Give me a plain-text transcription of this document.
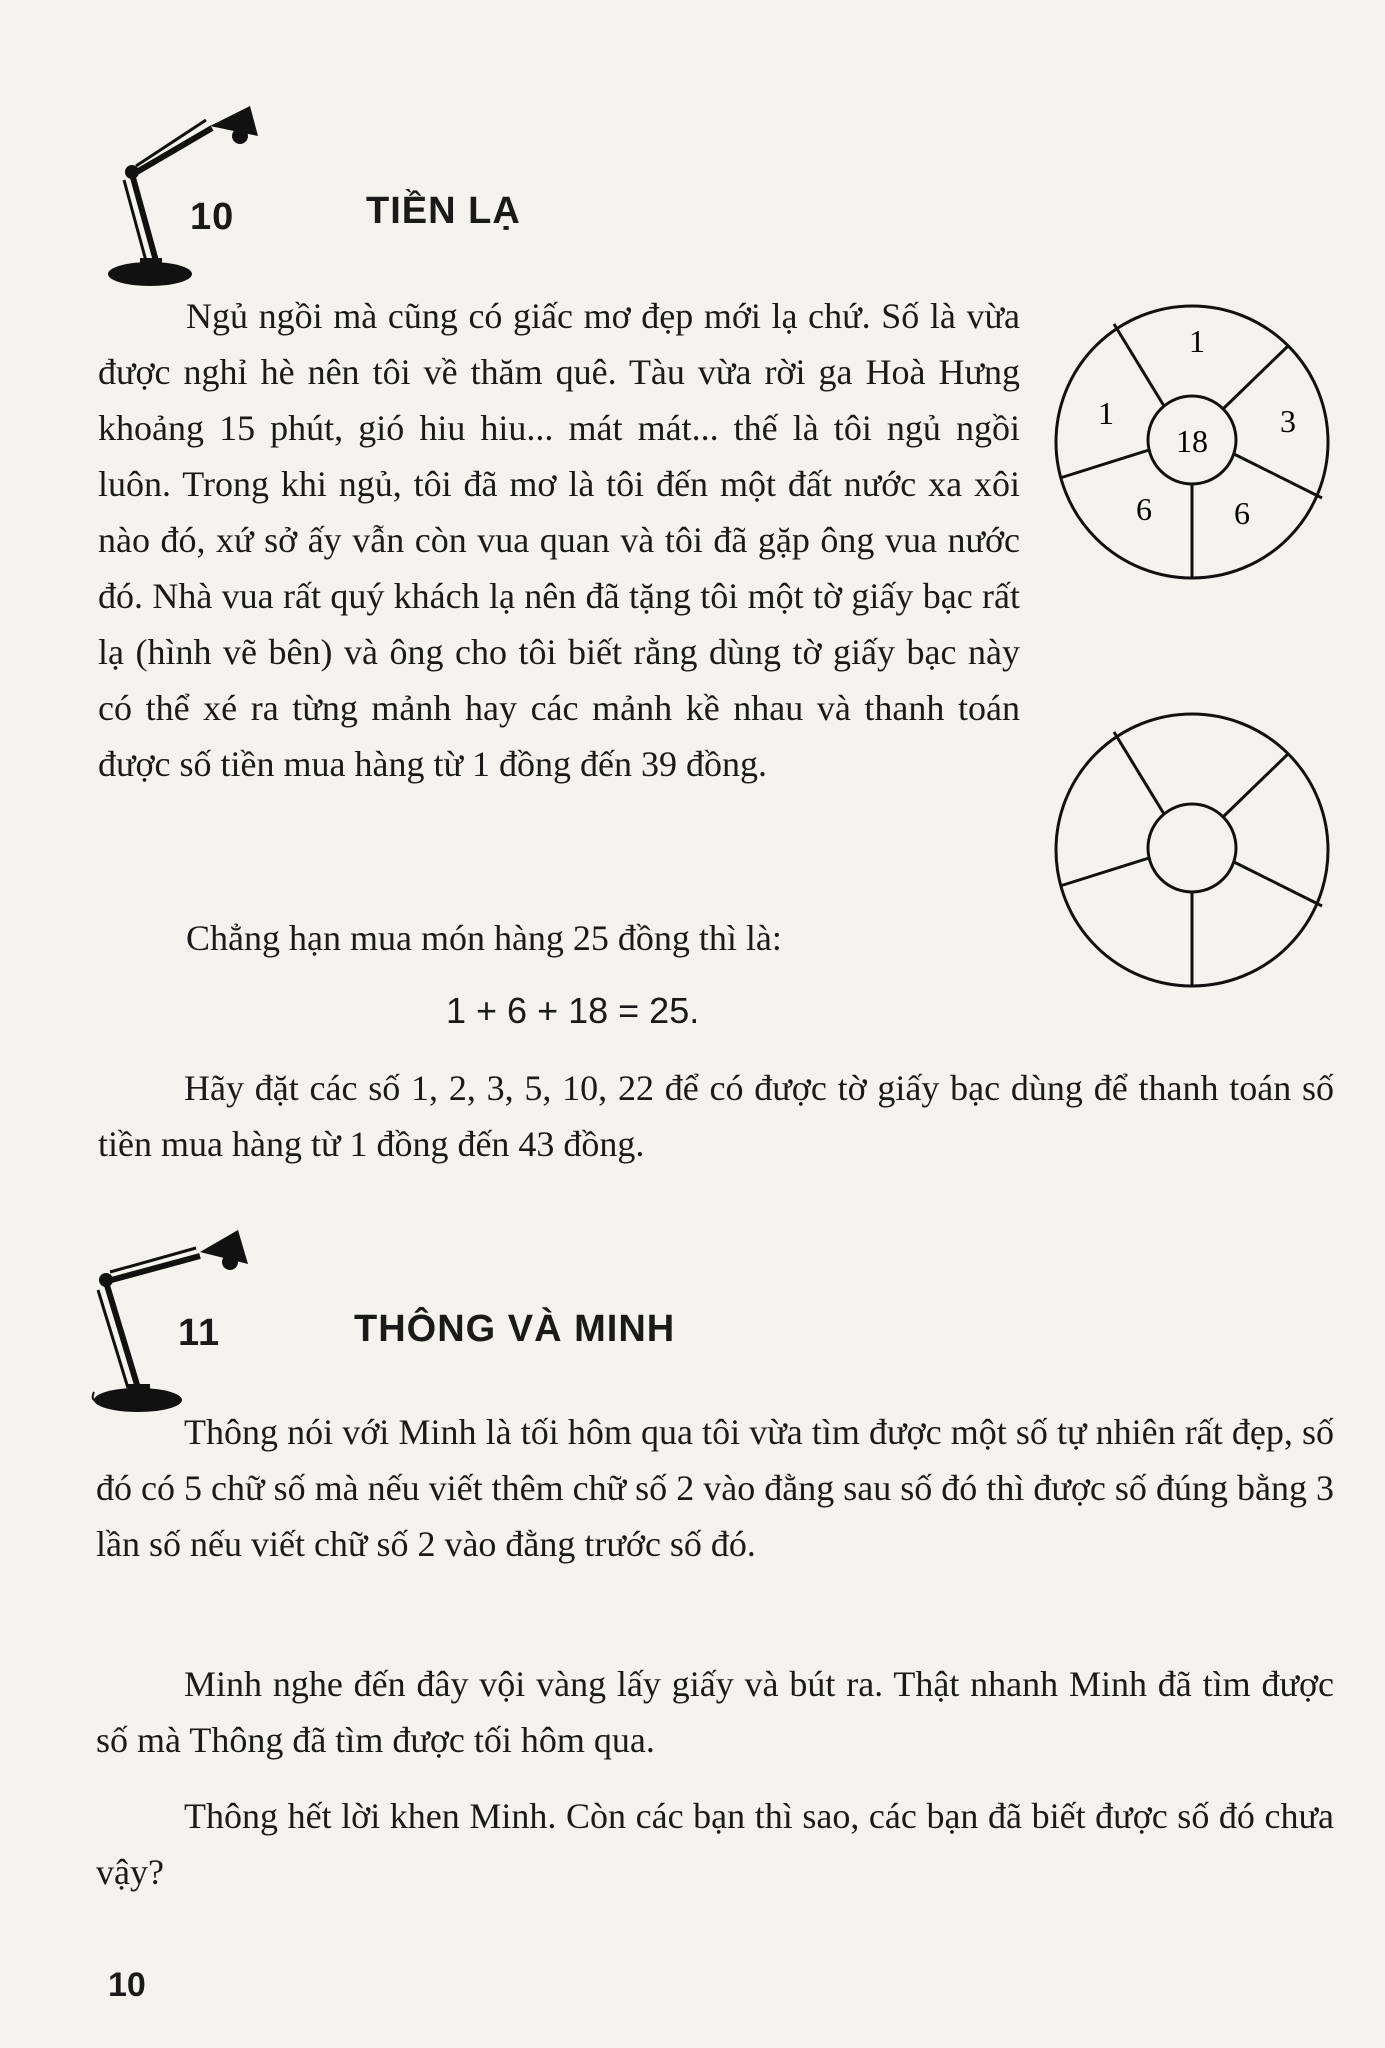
10	TIỀN LẠ

Ngủ ngồi mà cũng có giấc mơ đẹp mới lạ chứ. Số là vừa được nghỉ hè nên tôi về thăm quê. Tàu vừa rời ga Hoà Hưng khoảng 15 phút, gió hiu hiu... mát mát... thế là tôi ngủ ngồi luôn. Trong khi ngủ, tôi đã mơ là tôi đến một đất nước xa xôi nào đó, xứ sở ấy vẫn còn vua quan và tôi đã gặp ông vua nước đó. Nhà vua rất quý khách lạ nên đã tặng tôi một tờ giấy bạc rất lạ (hình vẽ bên) và ông cho tôi biết rằng dùng tờ giấy bạc này có thể xé ra từng mảnh hay các mảnh kề nhau và thanh toán được số tiền mua hàng từ 1 đồng đến 39 đồng.

Chẳng hạn mua món hàng 25 đồng thì là:

1 + 6 + 18 = 25.

Hãy đặt các số 1, 2, 3, 5, 10, 22 để có được tờ giấy bạc dùng để thanh toán số tiền mua hàng từ 1 đồng đến 43 đồng.

18
1
3
6
6
1
11	THÔNG VÀ MINH

Thông nói với Minh là tối hôm qua tôi vừa tìm được một số tự nhiên rất đẹp, số đó có 5 chữ số mà nếu viết thêm chữ số 2 vào đằng sau số đó thì được số đúng bằng 3 lần số nếu viết chữ số 2 vào đằng trước số đó.

Minh nghe đến đây vội vàng lấy giấy và bút ra. Thật nhanh Minh đã tìm được số mà Thông đã tìm được tối hôm qua.

Thông hết lời khen Minh. Còn các bạn thì sao, các bạn đã biết được số đó chưa vậy?

10
